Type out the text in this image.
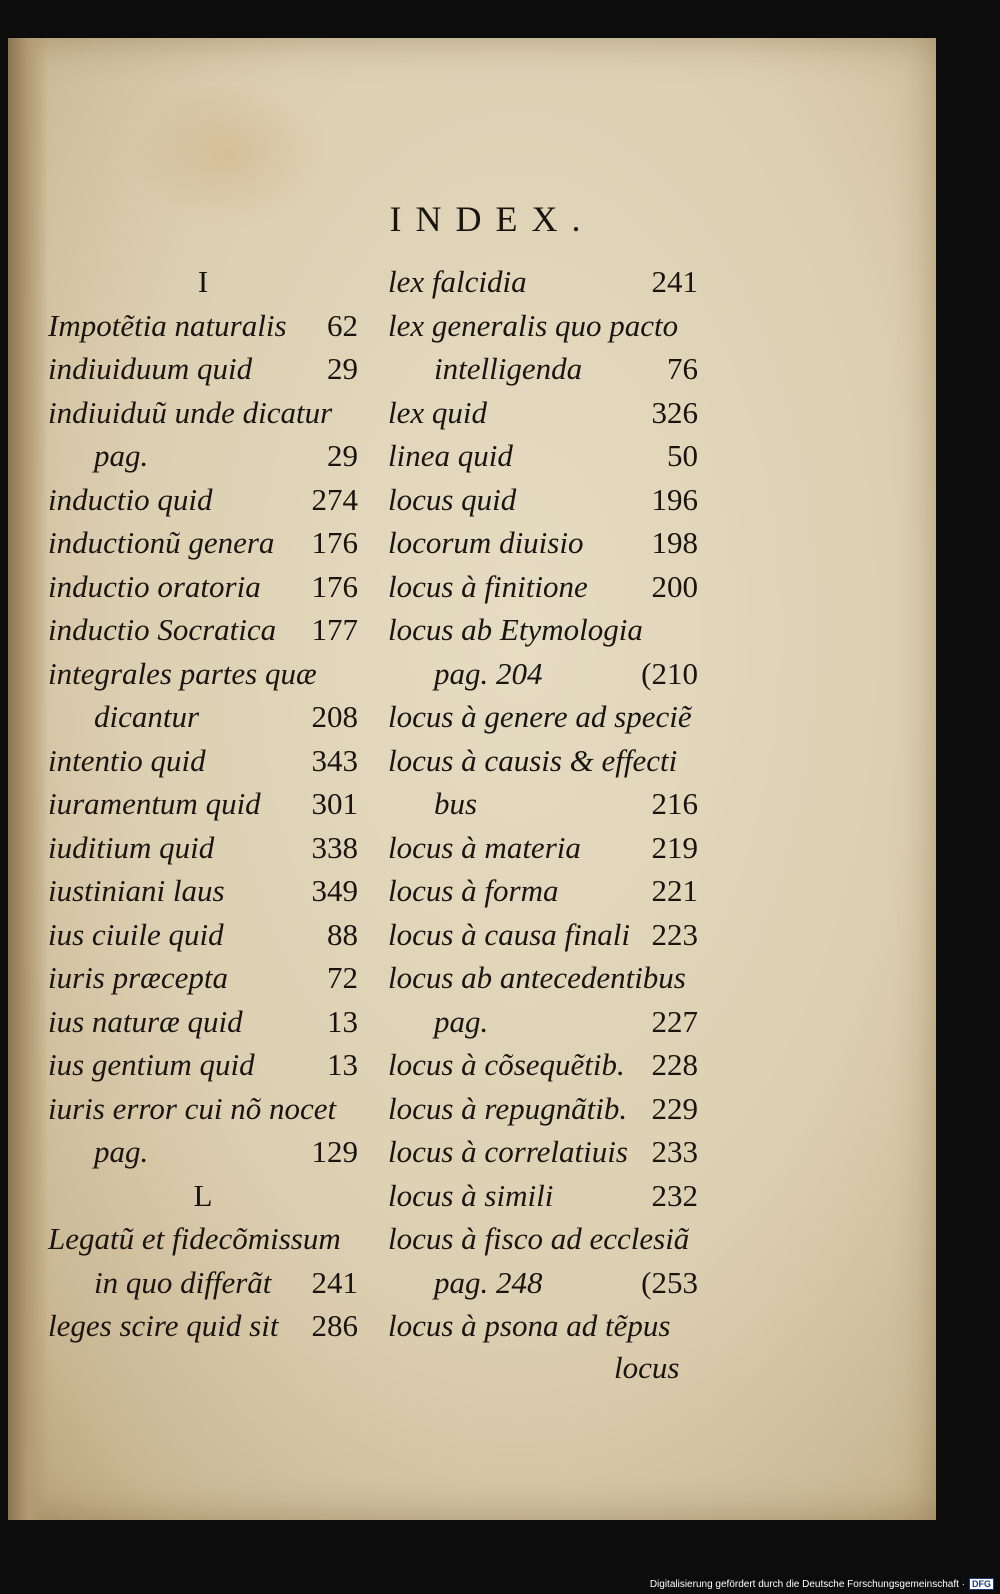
INDEX.
I
Impotẽtia naturalis 62
indiuiduum quid 29
indiuiduũ unde dicatur
pag.	29
inductio quid	274
inductionũ genera 176
inductio oratoria 176
inductio Socratica 177
integrales partes quæ
dicantur	208
intentio quid	343
iuramentum quid 301
iuditium quid	338
iustiniani laus	349
ius ciuile quid	88
iuris præcepta	72
ius naturæ quid	13
ius gentium quid 13
iuris error cui nõ nocet
pag.	129
L
Legatũ et fidecõmissum
in quo differãt 241
leges scire quid sit 286
lex falcidia	241
lex generalis quo pacto
intelligenda	76
lex quid	326
linea quid	50
locus quid	196
locorum diuisio 198
locus à finitione 200
locus ab Etymologia
pag. 204	(210
locus à genere ad speciẽ
locus à causis & effecti
bus	216
locus à materia 219
locus à forma	221
locus à causa finali 223
locus ab antecedentibus
pag.	227
locus à cõsequẽtib. 228
locus à repugnãtib. 229
locus à correlatiuis 233
locus à simili	232
locus à fisco ad ecclesiã
pag. 248	(253
locus à psona ad tẽpus
locus
Digitalisierung gefördert durch die Deutsche Forschungsgemeinschaft · DFG
